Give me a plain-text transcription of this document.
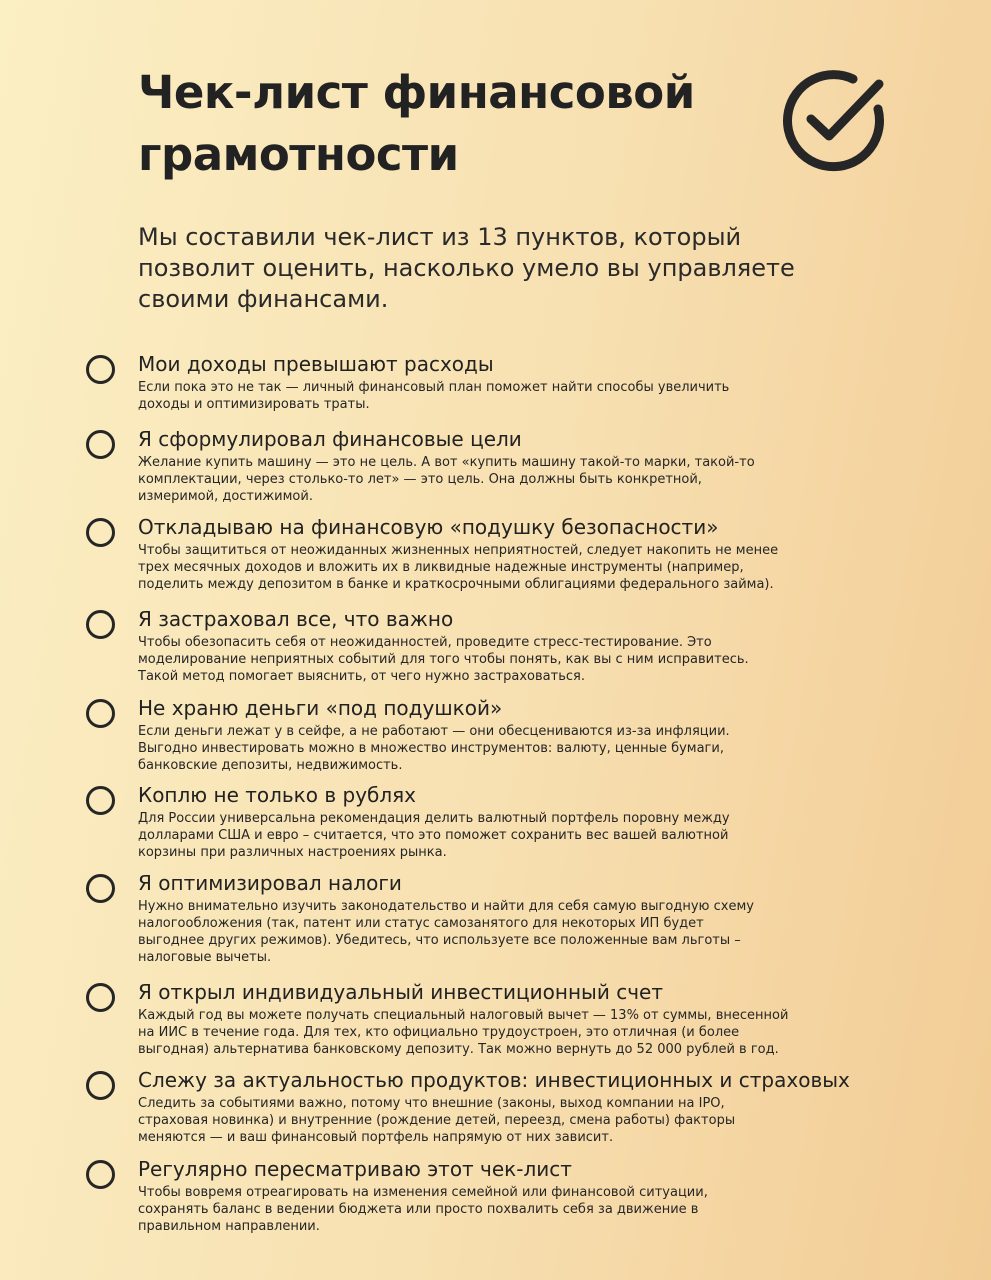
Чек-лист финансовой
грамотности

Мы составили чек-лист из 13 пунктов, который
позволит оценить, насколько умело вы управляете
своими финансами.

Мои доходы превышают расходы

Если пока это не так — личный финансовый план поможет найти способы увеличить
доходы и оптимизировать траты.

Я сформулировал финансовые цели

Желание купить машину — это не цель. А вот «купить машину такой-то марки, такой-то
комплектации, через столько-то лет» — это цель. Она должны быть конкретной,
измеримой, достижимой.

Откладываю на финансовую «подушку безопасности»

Чтобы защититься от неожиданных жизненных неприятностей, следует накопить не менее
трех месячных доходов и вложить их в ликвидные надежные инструменты (например,
поделить между депозитом в банке и краткосрочными облигациями федерального займа).

Я застраховал все, что важно

Чтобы обезопасить себя от неожиданностей, проведите стресс-тестирование. Это
моделирование неприятных событий для того чтобы понять, как вы с ним исправитесь.
Такой метод помогает выяснить, от чего нужно застраховаться.

Не храню деньги «под подушкой»

Если деньги лежат у в сейфе, а не работают — они обесцениваются из-за инфляции.
Выгодно инвестировать можно в множество инструментов: валюту, ценные бумаги,
банковские депозиты, недвижимость.

Коплю не только в рублях

Для России универсальна рекомендация делить валютный портфель поровну между
долларами США и евро – считается, что это поможет сохранить вес вашей валютной
корзины при различных настроениях рынка.

Я оптимизировал налоги

Нужно внимательно изучить законодательство и найти для себя самую выгодную схему
налогообложения (так, патент или статус самозанятого для некоторых ИП будет
выгоднее других режимов). Убедитесь, что используете все положенные вам льготы –
налоговые вычеты.

Я открыл индивидуальный инвестиционный счет

Каждый год вы можете получать специальный налоговый вычет — 13% от суммы, внесенной
на ИИС в течение года. Для тех, кто официально трудоустроен, это отличная (и более
выгодная) альтернатива банковскому депозиту. Так можно вернуть до 52 000 рублей в год.

Слежу за актуальностью продуктов: инвестиционных и страховых

Следить за событиями важно, потому что внешние (законы, выход компании на IPO,
страховая новинка) и внутренние (рождение детей, переезд, смена работы) факторы
меняются — и ваш финансовый портфель напрямую от них зависит.

Регулярно пересматриваю этот чек-лист

Чтобы вовремя отреагировать на изменения семейной или финансовой ситуации,
сохранять баланс в ведении бюджета или просто похвалить себя за движение в
правильном направлении.
